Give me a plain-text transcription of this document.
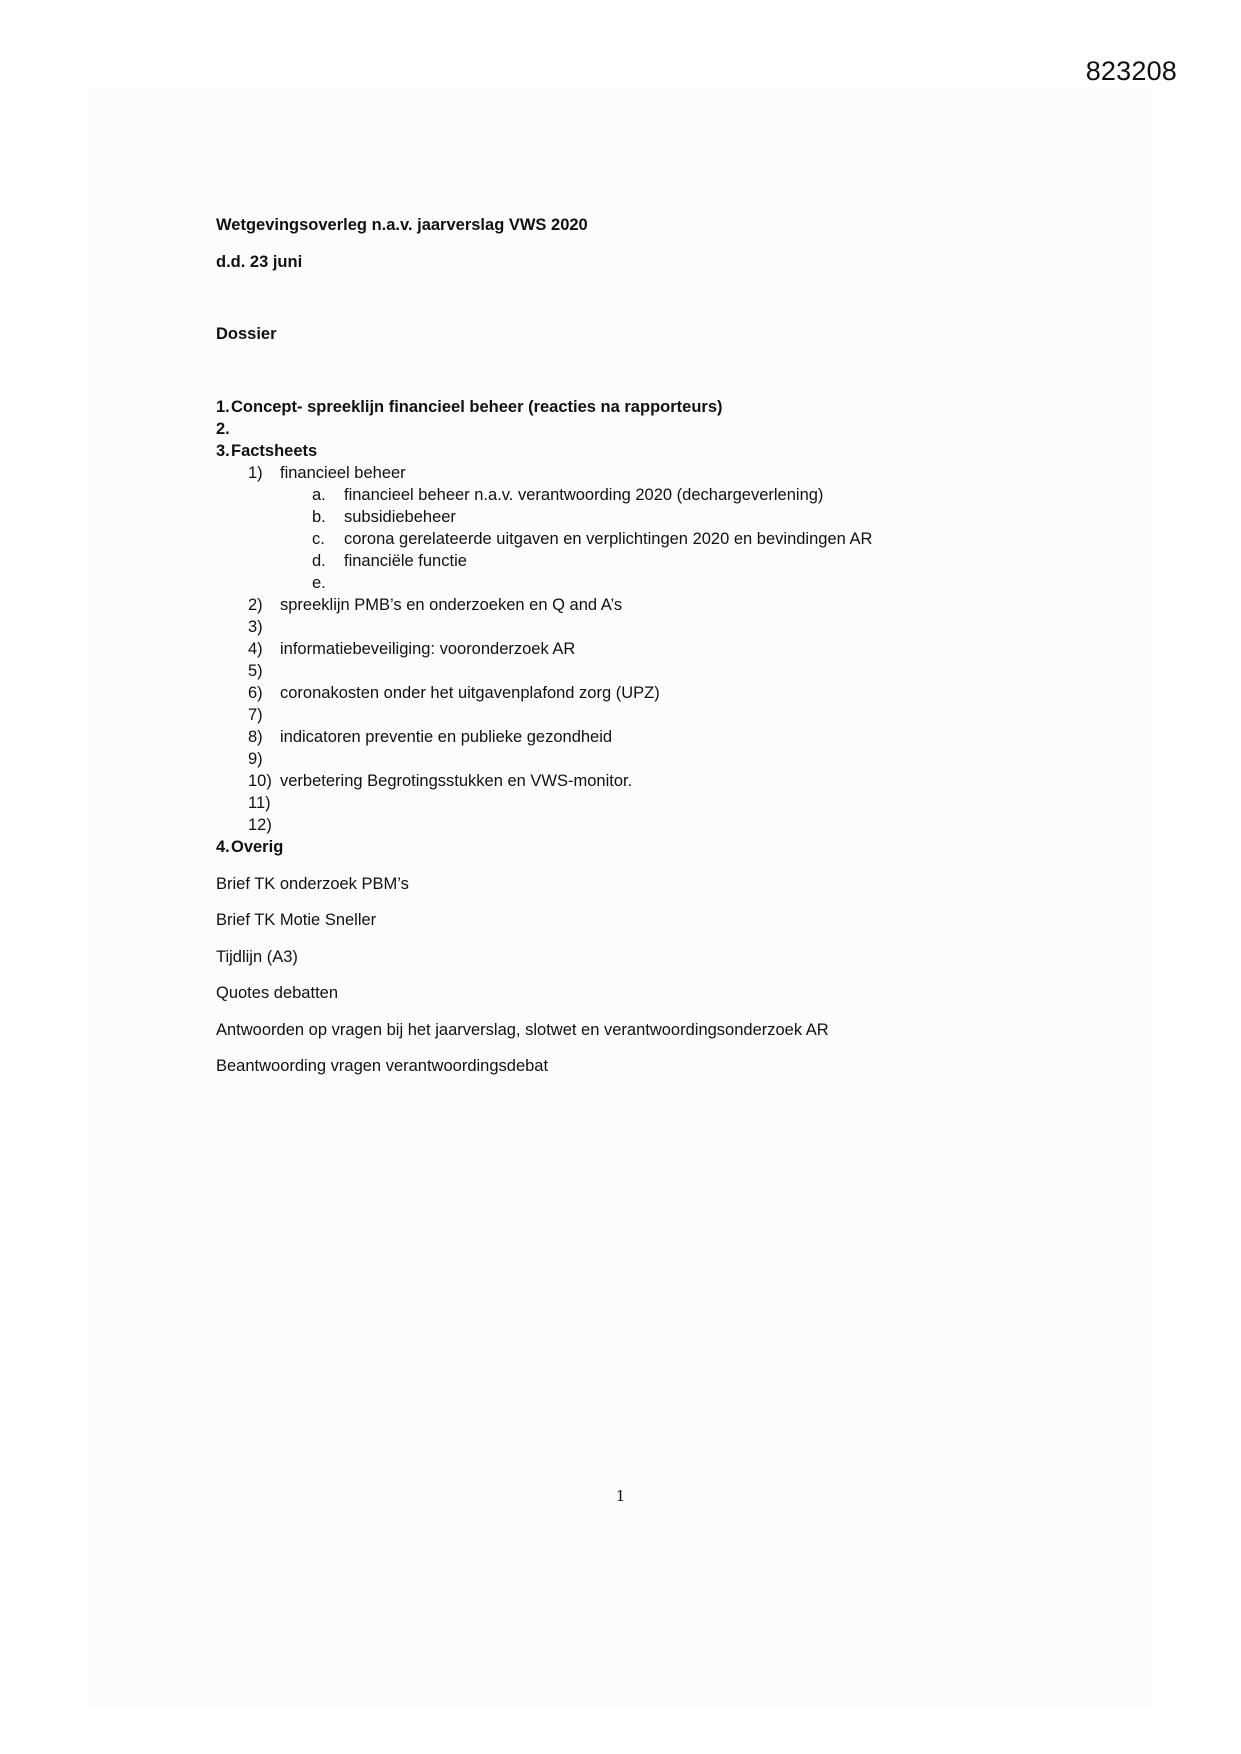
823208
Wetgevingsoverleg n.a.v. jaarverslag VWS 2020
d.d. 23 juni
Dossier
1.Concept- spreeklijn financieel beheer (reacties na rapporteurs)
2.
3.Factsheets
1) financieel beheer
a. financieel beheer n.a.v. verantwoording 2020 (dechargeverlening)
b. subsidiebeheer
c. corona gerelateerde uitgaven en verplichtingen 2020 en bevindingen AR
d. financiële functie
e.
2) spreeklijn PMB’s en onderzoeken en Q and A’s
3)
4) informatiebeveiliging: vooronderzoek AR
5)
6) coronakosten onder het uitgavenplafond zorg (UPZ)
7)
8) indicatoren preventie en publieke gezondheid
9)
10) verbetering Begrotingsstukken en VWS-monitor.
11)
12)
4.Overig
Brief TK onderzoek PBM’s
Brief TK Motie Sneller
Tijdlijn (A3)
Quotes debatten
Antwoorden op vragen bij het jaarverslag, slotwet en verantwoordingsonderzoek AR
Beantwoording vragen verantwoordingsdebat
1
